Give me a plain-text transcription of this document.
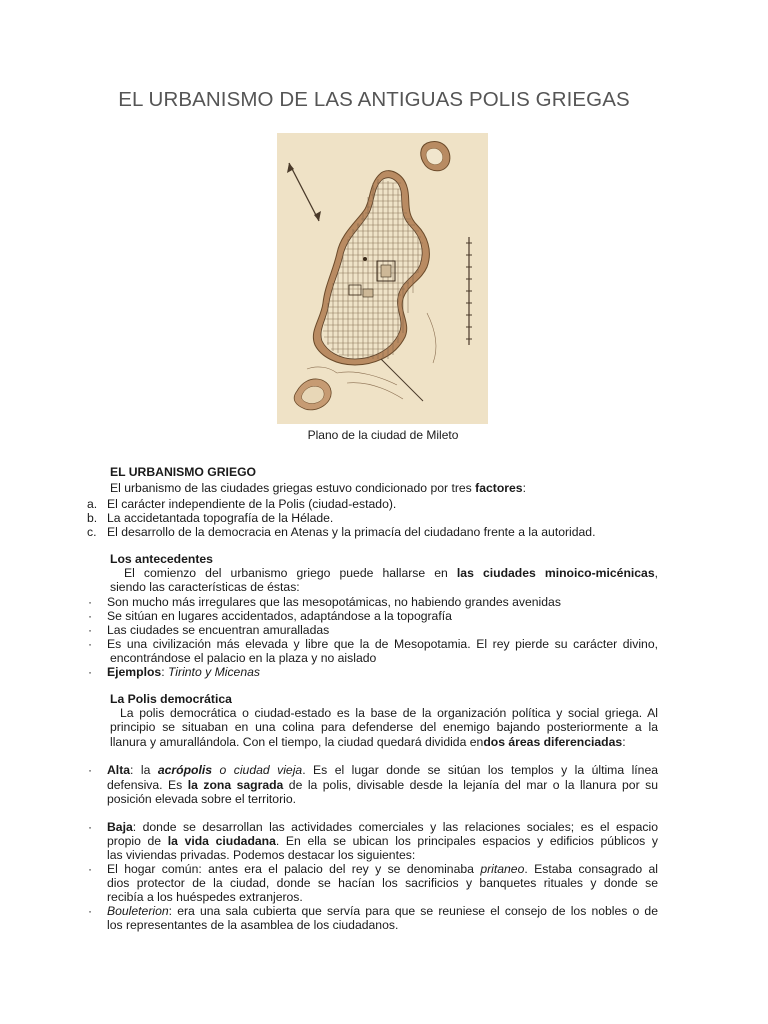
EL URBANISMO DE LAS ANTIGUAS POLIS GRIEGAS
Plano de la ciudad de Mileto
EL URBANISMO GRIEGO
El urbanismo de las ciudades griegas estuvo condicionado por tres factores:
a. El carácter independiente de la Polis (ciudad-estado).
b. La accidetantada topografía de la Hélade.
c. El desarrollo de la democracia en Atenas y la primacía del ciudadano frente a la autoridad.
Los antecedentes
El comienzo del urbanismo griego puede hallarse en las ciudades minoico-micénicas,
siendo las características de éstas:
· Son mucho más irregulares que las mesopotámicas, no habiendo grandes avenidas
· Se sitúan en lugares accidentados, adaptándose a la topografía
· Las ciudades se encuentran amuralladas
· Es una civilización más elevada y libre que la de Mesopotamia. El rey pierde su carácter divino,
encontrándose el palacio en la plaza y no aislado
· Ejemplos: Tirinto y Micenas
La Polis democrática
La polis democrática o ciudad-estado es la base de la organización política y social griega. Al
principio se situaban en una colina para defenderse del enemigo bajando posteriormente a la
llanura y amurallándola. Con el tiempo, la ciudad quedará dividida endos áreas diferenciadas:
· Alta: la acrópolis o ciudad vieja. Es el lugar donde se sitúan los templos y la última línea
defensiva. Es la zona sagrada de la polis, divisable desde la lejanía del mar o la llanura por su
posición elevada sobre el territorio.
· Baja: donde se desarrollan las actividades comerciales y las relaciones sociales; es el espacio
propio de la vida ciudadana. En ella se ubican los principales espacios y edificios públicos y
las viviendas privadas. Podemos destacar los siguientes:
· El hogar común: antes era el palacio del rey y se denominaba pritaneo. Estaba consagrado al
dios protector de la ciudad, donde se hacían los sacrificios y banquetes rituales y donde se
recibía a los huéspedes extranjeros.
· Bouleterion: era una sala cubierta que servía para que se reuniese el consejo de los nobles o de
los representantes de la asamblea de los ciudadanos.
